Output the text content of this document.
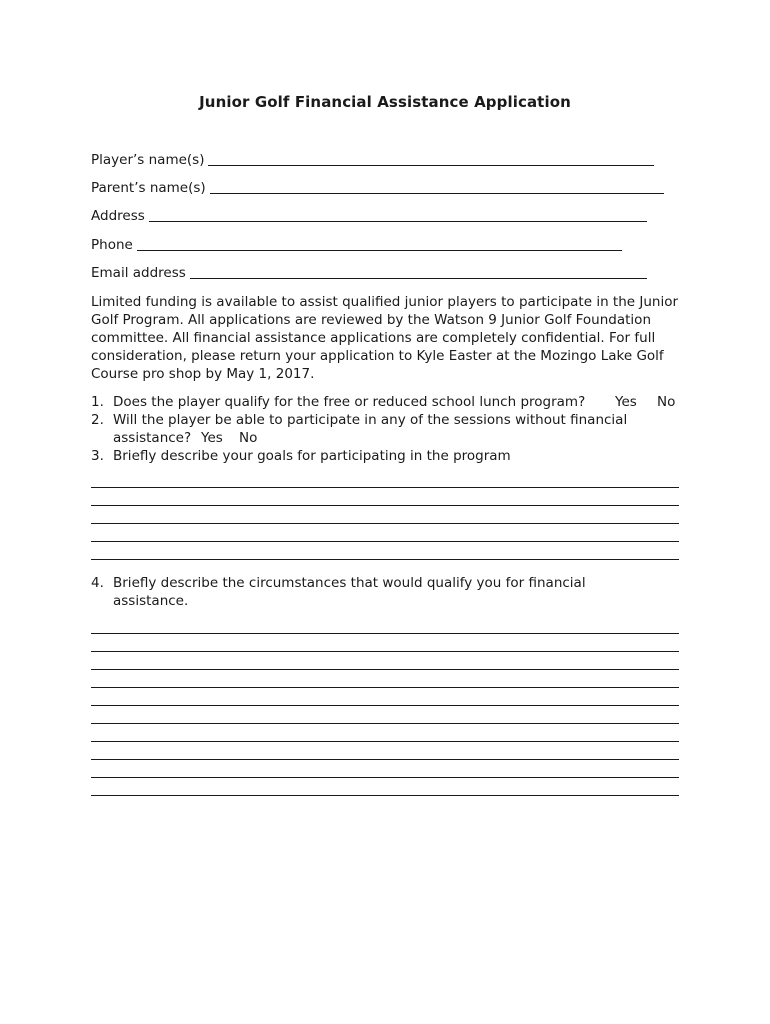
Junior Golf Financial Assistance Application
Player’s name(s)
Parent’s name(s)
Address
Phone
Email address
Limited funding is available to assist qualified junior players to participate in the Junior Golf Program. All applications are reviewed by the Watson 9 Junior Golf Foundation committee. All financial assistance applications are completely confidential. For full consideration, please return your application to Kyle Easter at the Mozingo Lake Golf Course pro shop by May 1, 2017.
1. Does the player qualify for the free or reduced school lunch program? Yes No
2. Will the player be able to participate in any of the sessions without financial
assistance? Yes No
3. Briefly describe your goals for participating in the program
4. Briefly describe the circumstances that would qualify you for financial
assistance.
